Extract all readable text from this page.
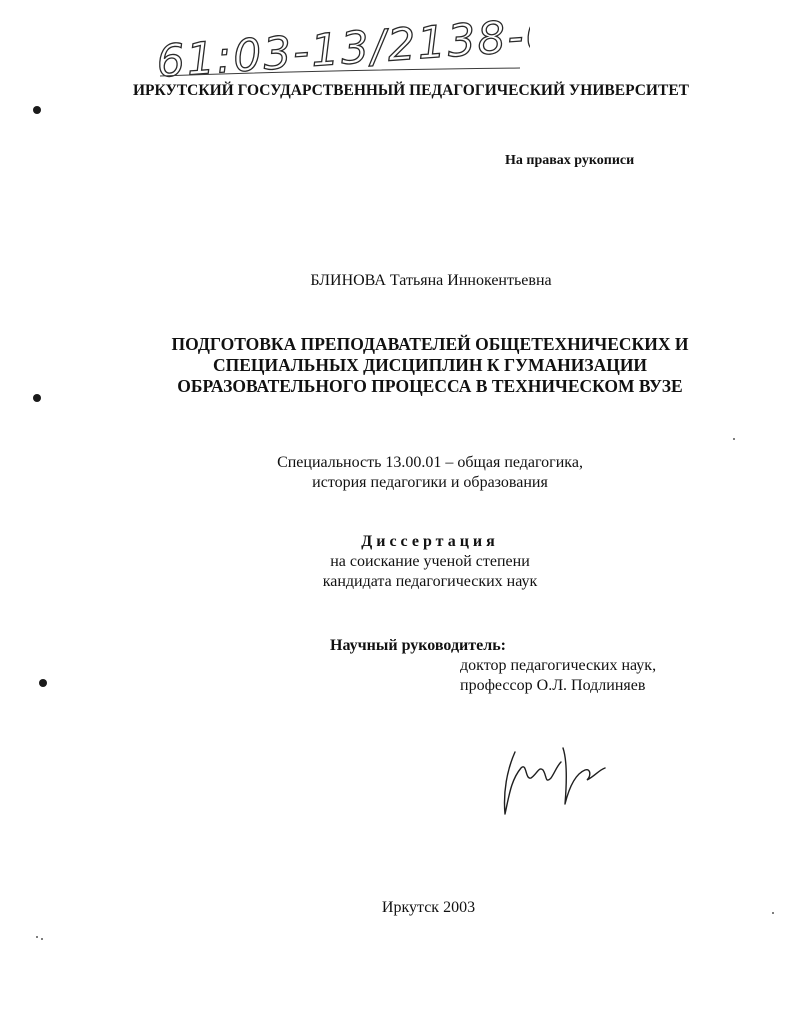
61:03-13/2138-6
ИРКУТСКИЙ ГОСУДАРСТВЕННЫЙ ПЕДАГОГИЧЕСКИЙ УНИВЕРСИТЕТ
На правах рукописи
БЛИНОВА Татьяна Иннокентьевна
ПОДГОТОВКА ПРЕПОДАВАТЕЛЕЙ ОБЩЕТЕХНИЧЕСКИХ И
СПЕЦИАЛЬНЫХ ДИСЦИПЛИН К ГУМАНИЗАЦИИ
ОБРАЗОВАТЕЛЬНОГО ПРОЦЕССА В ТЕХНИЧЕСКОМ ВУЗЕ
Специальность 13.00.01 – общая педагогика,
история педагогики и образования
Диссертация
на соискание ученой степени
кандидата педагогических наук
Научный руководитель:
доктор педагогических наук,
профессор О.Л. Подлиняев
Иркутск 2003
